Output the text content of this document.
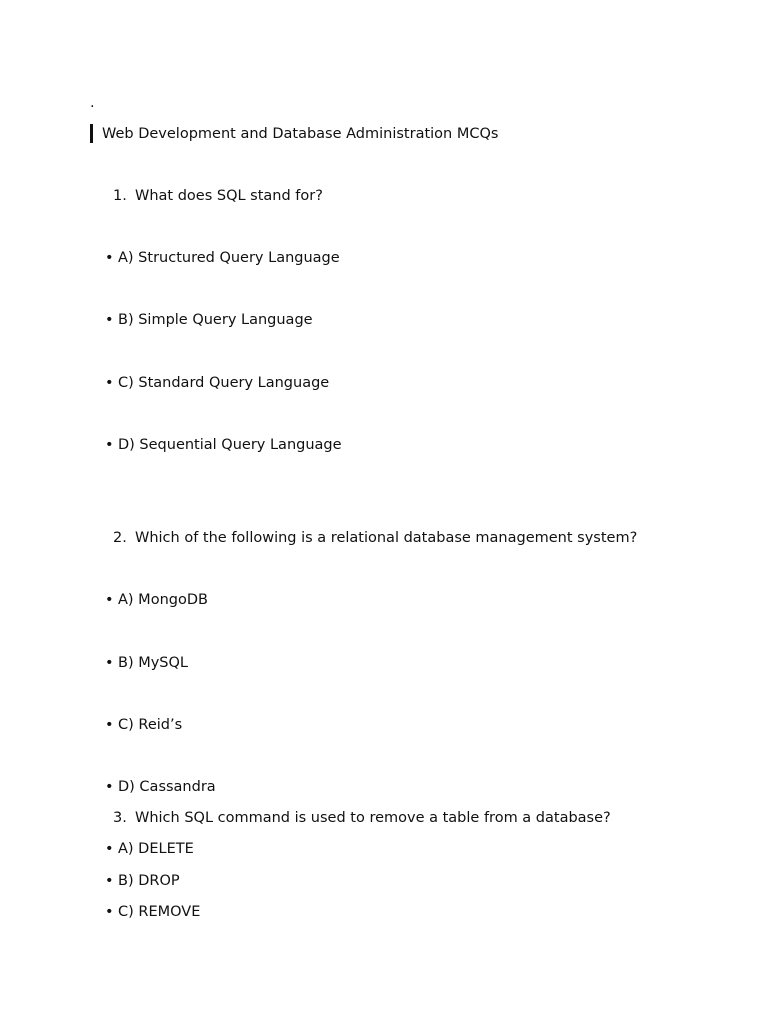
.
Web Development and Database Administration MCQs
1. What does SQL stand for?
• A) Structured Query Language
• B) Simple Query Language
• C) Standard Query Language
• D) Sequential Query Language
2. Which of the following is a relational database management system?
• A) MongoDB
• B) MySQL
• C) Reid’s
• D) Cassandra
3. Which SQL command is used to remove a table from a database?
• A) DELETE
• B) DROP
• C) REMOVE
